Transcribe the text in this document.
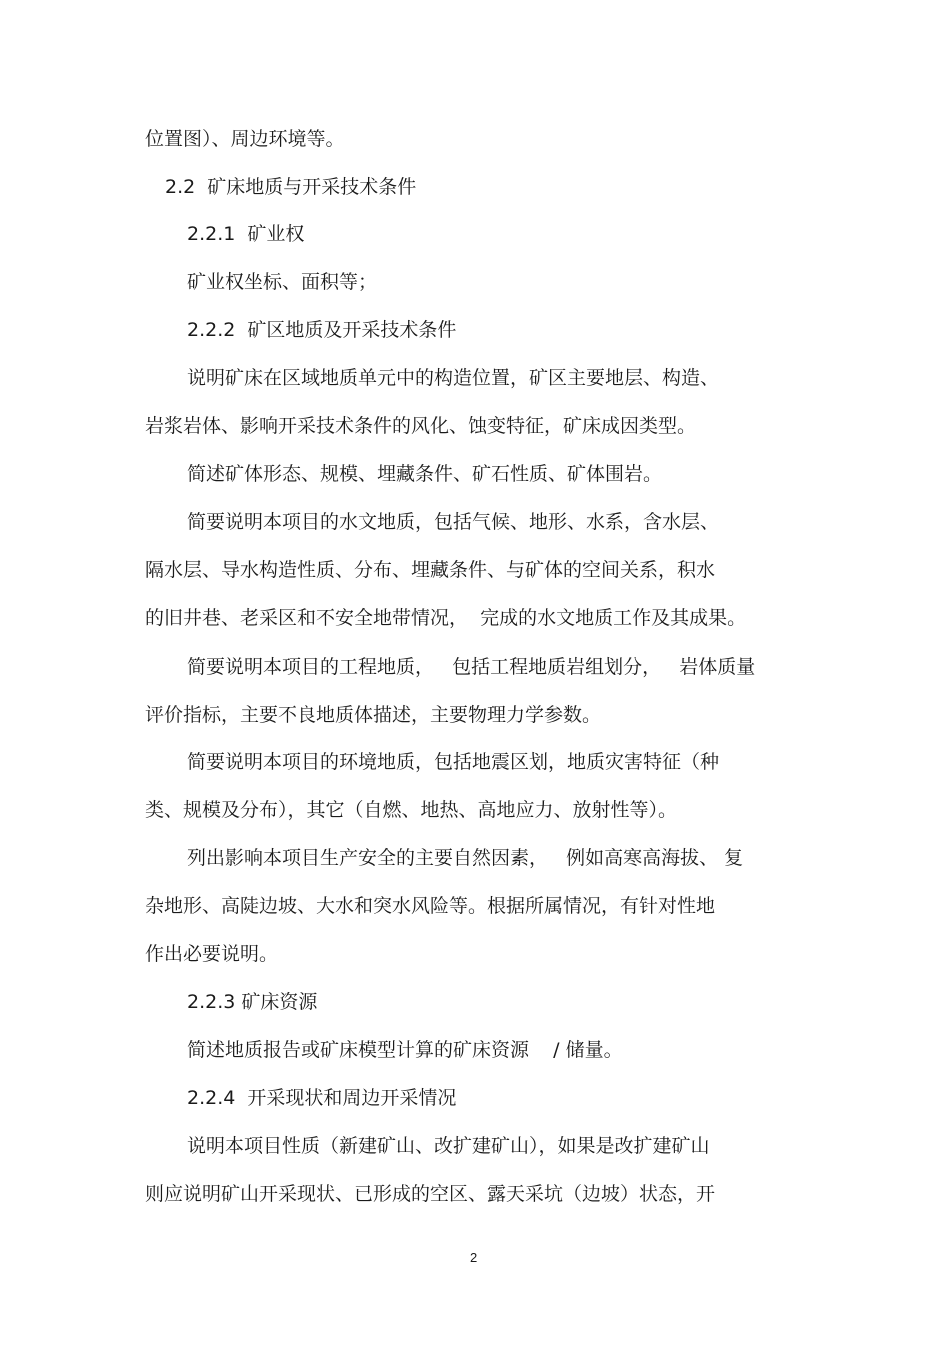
位置图）、周边环境等。
2.2  矿床地质与开采技术条件
2.2.1  矿业权
矿业权坐标、面积等；
2.2.2  矿区地质及开采技术条件
说明矿床在区域地质单元中的构造位置，矿区主要地层、构造、
岩浆岩体、影响开采技术条件的风化、蚀变特征，矿床成因类型。
简述矿体形态、规模、埋藏条件、矿石性质、矿体围岩。
简要说明本项目的水文地质，包括气候、地形、水系，含水层、
隔水层、导水构造性质、分布、埋藏条件、与矿体的空间关系，积水
的旧井巷、老采区和不安全地带情况，  完成的水文地质工作及其成果。
简要说明本项目的工程地质，   包括工程地质岩组划分，   岩体质量
评价指标，主要不良地质体描述，主要物理力学参数。
简要说明本项目的环境地质，包括地震区划，地质灾害特征（种
类、规模及分布），其它（自燃、地热、高地应力、放射性等）。
列出影响本项目生产安全的主要自然因素，   例如高寒高海拔、 复
杂地形、高陡边坡、大水和突水风险等。根据所属情况，有针对性地
作出必要说明。
2.2.3 矿床资源
简述地质报告或矿床模型计算的矿床资源    / 储量。
2.2.4  开采现状和周边开采情况
说明本项目性质（新建矿山、改扩建矿山），如果是改扩建矿山
则应说明矿山开采现状、已形成的空区、露天采坑（边坡）状态，开
2
